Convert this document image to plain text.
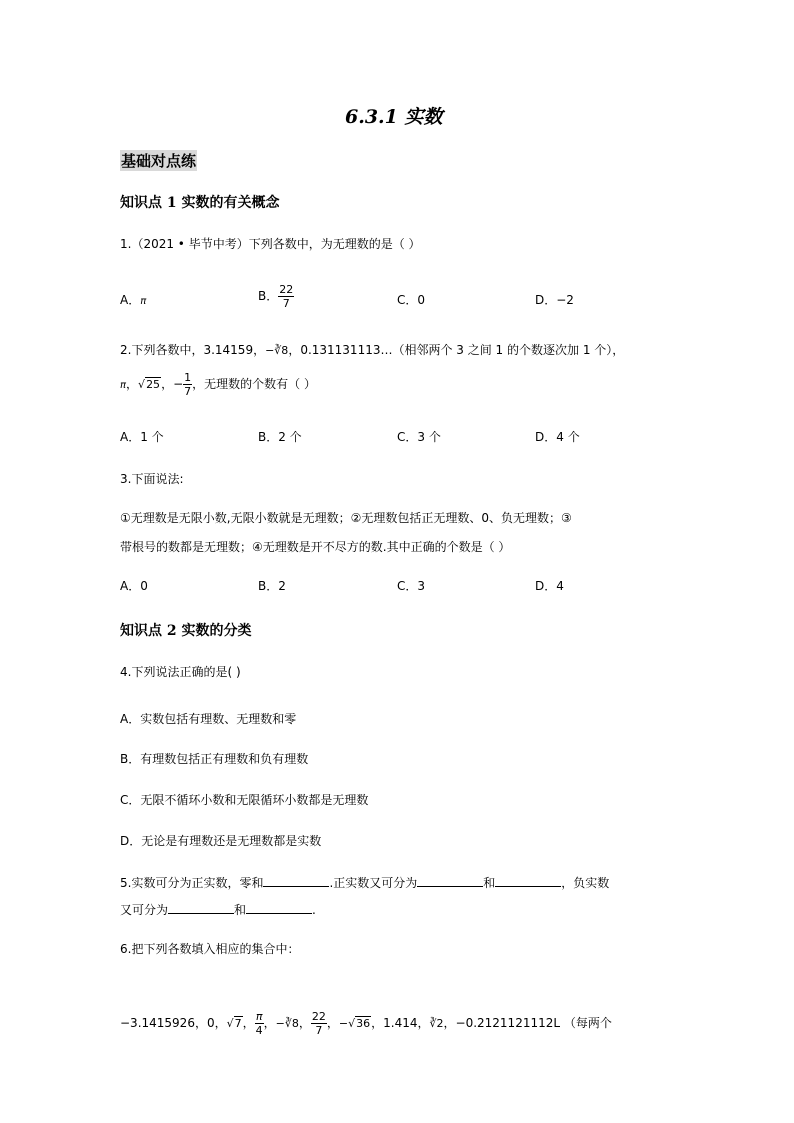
6.3.1 实数
基础对点练
知识点 1 实数的有关概念
1.（2021 • 毕节中考）下列各数中，为无理数的是（ ）
A．π	B． $\frac{22}{7}$	C．0	D．−2
2.下列各数中，3.14159，−∛8，0.131131113…（相邻两个 3 之间 1 的个数逐次加 1 个），
π，√25，− $\frac{1}{7}$ ，无理数的个数有（ ）
A．1 个	B．2 个	C．3 个	D．4 个
3.下面说法:
①无理数是无限小数,无限小数就是无理数；②无理数包括正无理数、0、负无理数；③
带根号的数都是无理数；④无理数是开不尽方的数.其中正确的个数是（ ）
A．0	B．2	C．3	D．4
知识点 2 实数的分类
4.下列说法正确的是( )
A．实数包括有理数、无理数和零
B．有理数包括正有理数和负有理数
C．无限不循环小数和无限循环小数都是无理数
D．无论是有理数还是无理数都是实数
5.实数可分为正实数，零和	.正实数又可分为	和	，负实数
又可分为	和	.
6.把下列各数填入相应的集合中：
−3.1415926，0，√7， $\frac{\pi}{4}$ ，−∛8， $\frac{22}{7}$ ，−√36，1.414，∛2，−0.2121121112L （每两个
